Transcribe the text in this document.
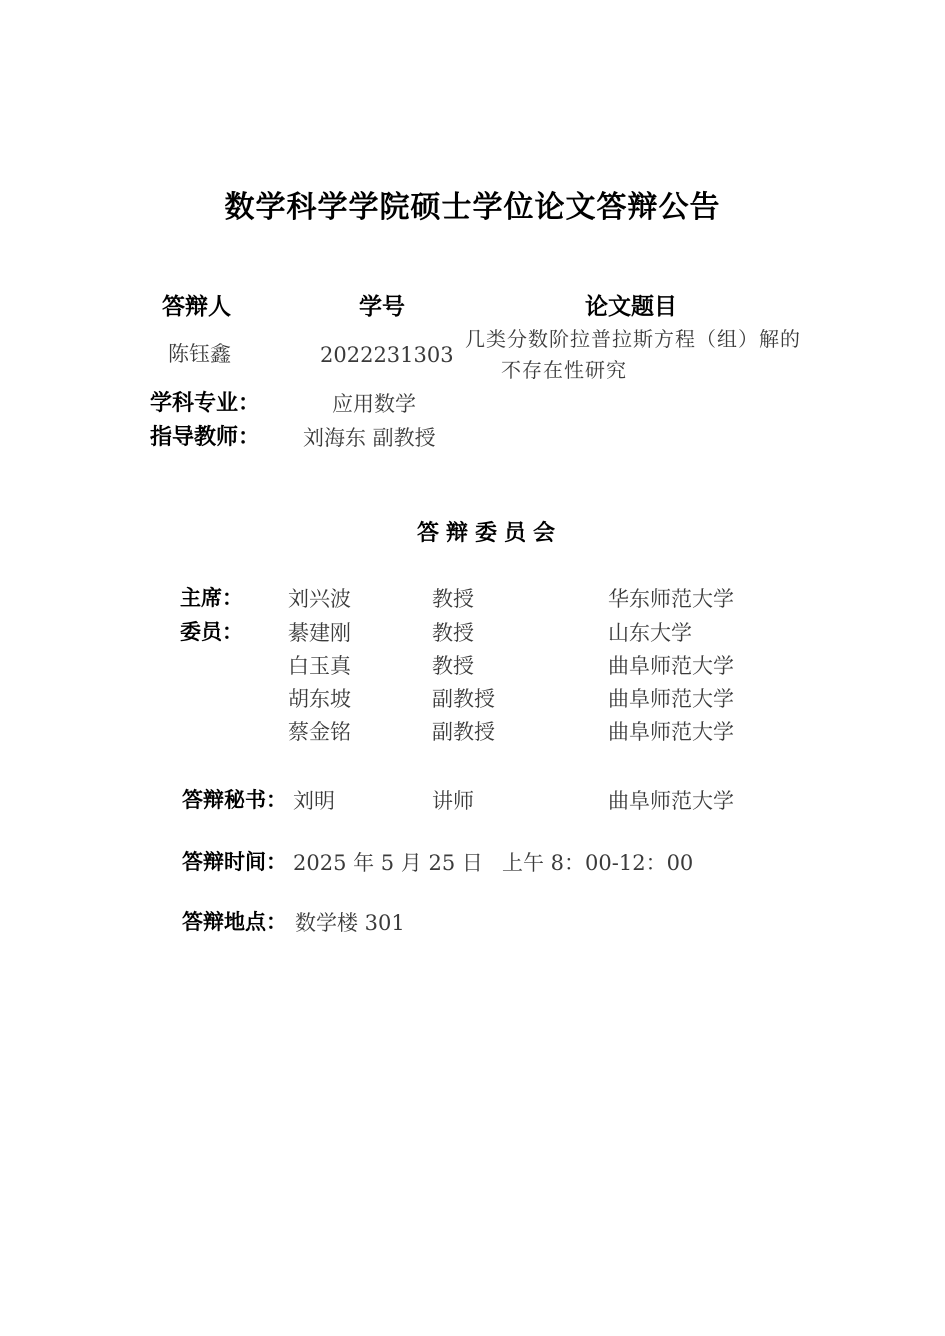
数学科学学院硕士学位论文答辩公告
答辩人	学号	论文题目
陈钰鑫	2022231303
几类分数阶拉普拉斯方程（组）解的
不存在性研究
学科专业：	应用数学
指导教师： 刘海东 副教授
答辩委员会
主席： 刘兴波	教授	华东师范大学
委员： 綦建刚	教授	山东大学
白玉真	教授	曲阜师范大学
胡东坡	副教授	曲阜师范大学
蔡金铭	副教授	曲阜师范大学
答辩秘书： 刘明	讲师	曲阜师范大学
答辩时间： 2025 年 5 月 25 日 上午 8：00-12：00
答辩地点： 数学楼 301
